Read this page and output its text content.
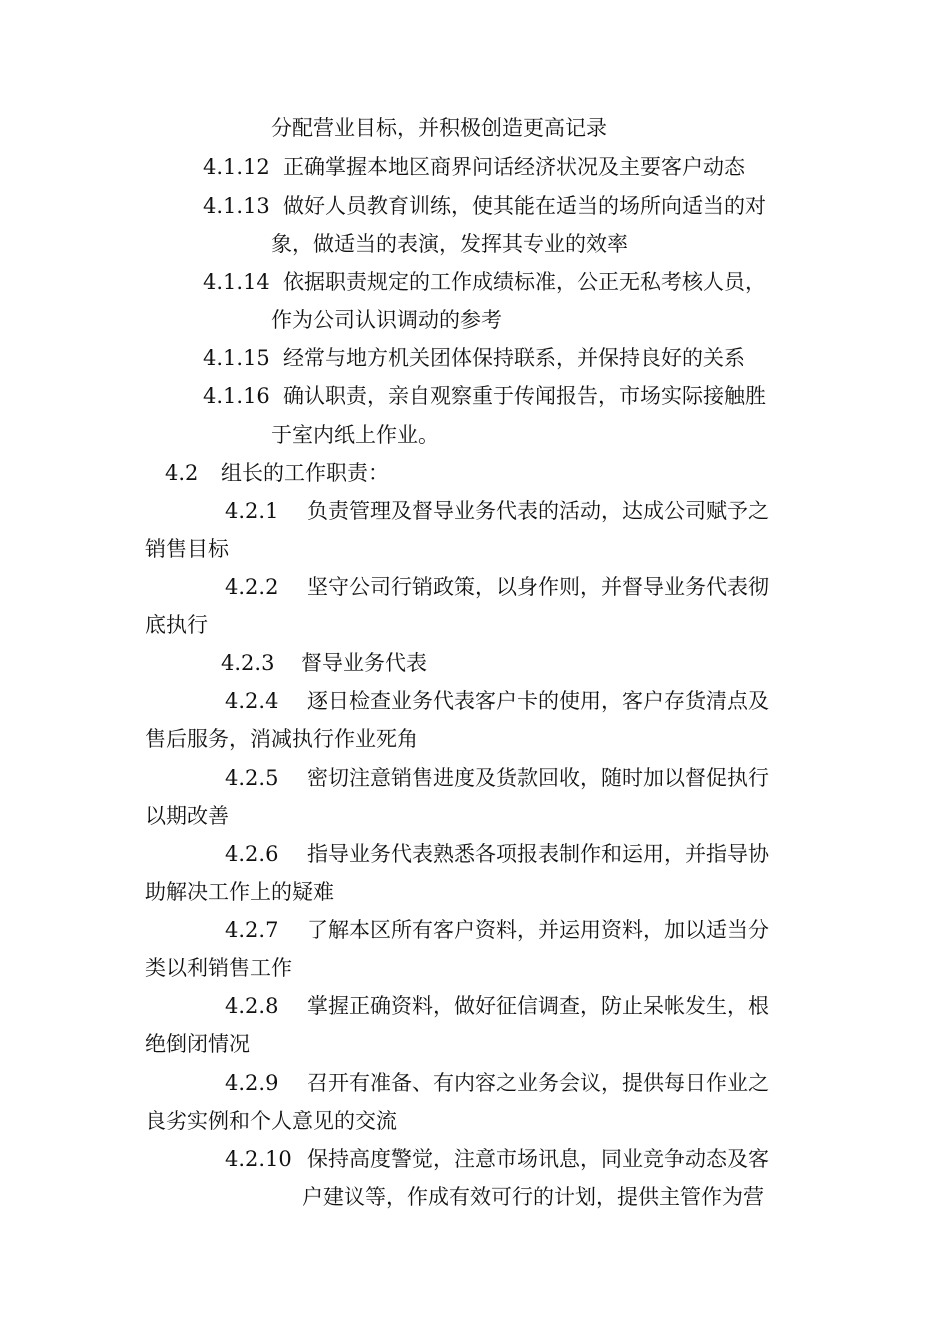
分配营业目标，并积极创造更高记录

4.1.12 正确掌握本地区商界问话经济状况及主要客户动态

4.1.13 做好人员教育训练，使其能在适当的场所向适当的对

象，做适当的表演，发挥其专业的效率

4.1.14 依据职责规定的工作成绩标准，公正无私考核人员，

作为公司认识调动的参考

4.1.15 经常与地方机关团体保持联系，并保持良好的关系

4.1.16 确认职责，亲自观察重于传闻报告，市场实际接触胜

于室内纸上作业。

4.2 组长的工作职责：

4.2.1 负责管理及督导业务代表的活动，达成公司赋予之

销售目标

4.2.2 坚守公司行销政策，以身作则，并督导业务代表彻

底执行

4.2.3 督导业务代表

4.2.4 逐日检查业务代表客户卡的使用，客户存货清点及

售后服务，消减执行作业死角

4.2.5 密切注意销售进度及货款回收，随时加以督促执行

以期改善

4.2.6 指导业务代表熟悉各项报表制作和运用，并指导协

助解决工作上的疑难

4.2.7 了解本区所有客户资料，并运用资料，加以适当分

类以利销售工作

4.2.8 掌握正确资料，做好征信调查，防止呆帐发生，根

绝倒闭情况

4.2.9 召开有准备、有内容之业务会议，提供每日作业之

良劣实例和个人意见的交流

4.2.10 保持高度警觉，注意市场讯息，同业竞争动态及客

户建议等，作成有效可行的计划，提供主管作为营
